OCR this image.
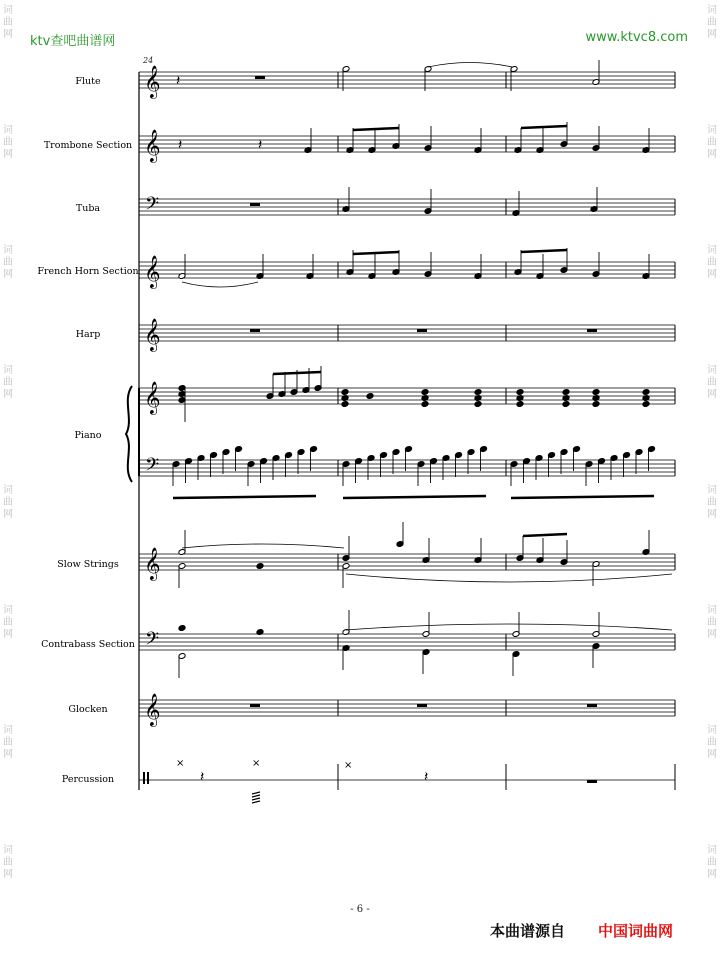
ktv查吧曲谱网	www.ktvc8.com
词
曲
网
词
曲
网
词
曲
网
词
曲
网
词
曲
网
词
曲
网
词
曲
网
词
曲
网
词
曲
网
词
曲
网
词
曲
网
词
曲
网
词
曲
网
词
曲
网
词
曲
网
词
曲
网
24
𝄞
𝄞
𝄢
𝄞
𝄞
𝄞
𝄢
𝄞
𝄢
𝄞
Flute
Trombone Section
Tuba
French Horn Section
Harp
Piano
Slow Strings
Contrabass Section
Glocken
Percussion
𝄽
𝄽	𝄽
×	×	×
𝄽	𝄽
- 6 -
本曲谱源自 中国词曲网
